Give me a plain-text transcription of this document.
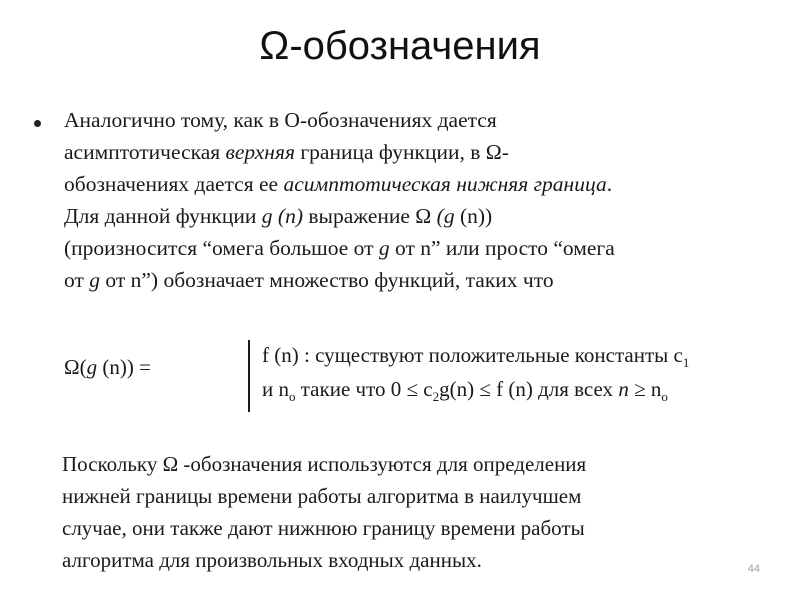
Ω-обозначения
Аналогично тому, как в О-обозначениях дается
асимптотическая верхняя граница функции, в Ω-
обозначениях дается ее асимптотическая нижняя граница.
Для данной функции g (n) выражение Ω (g (n))
(произносится “омега большое от g от n” или просто “омега
от g от n”) обозначает множество функций, таких что
Ω(g (n)) =	f (n) : существуют положительные константы $c_1$
и $n_o$ такие что $0 \le c_2g(n) \le f$ (n) для всех $n \ge n_o$
Поскольку Ω -обозначения используются для определения
нижней границы времени работы алгоритма в наилучшем
случае, они также дают нижнюю границу времени работы
алгоритма для произвольных входных данных.	44
